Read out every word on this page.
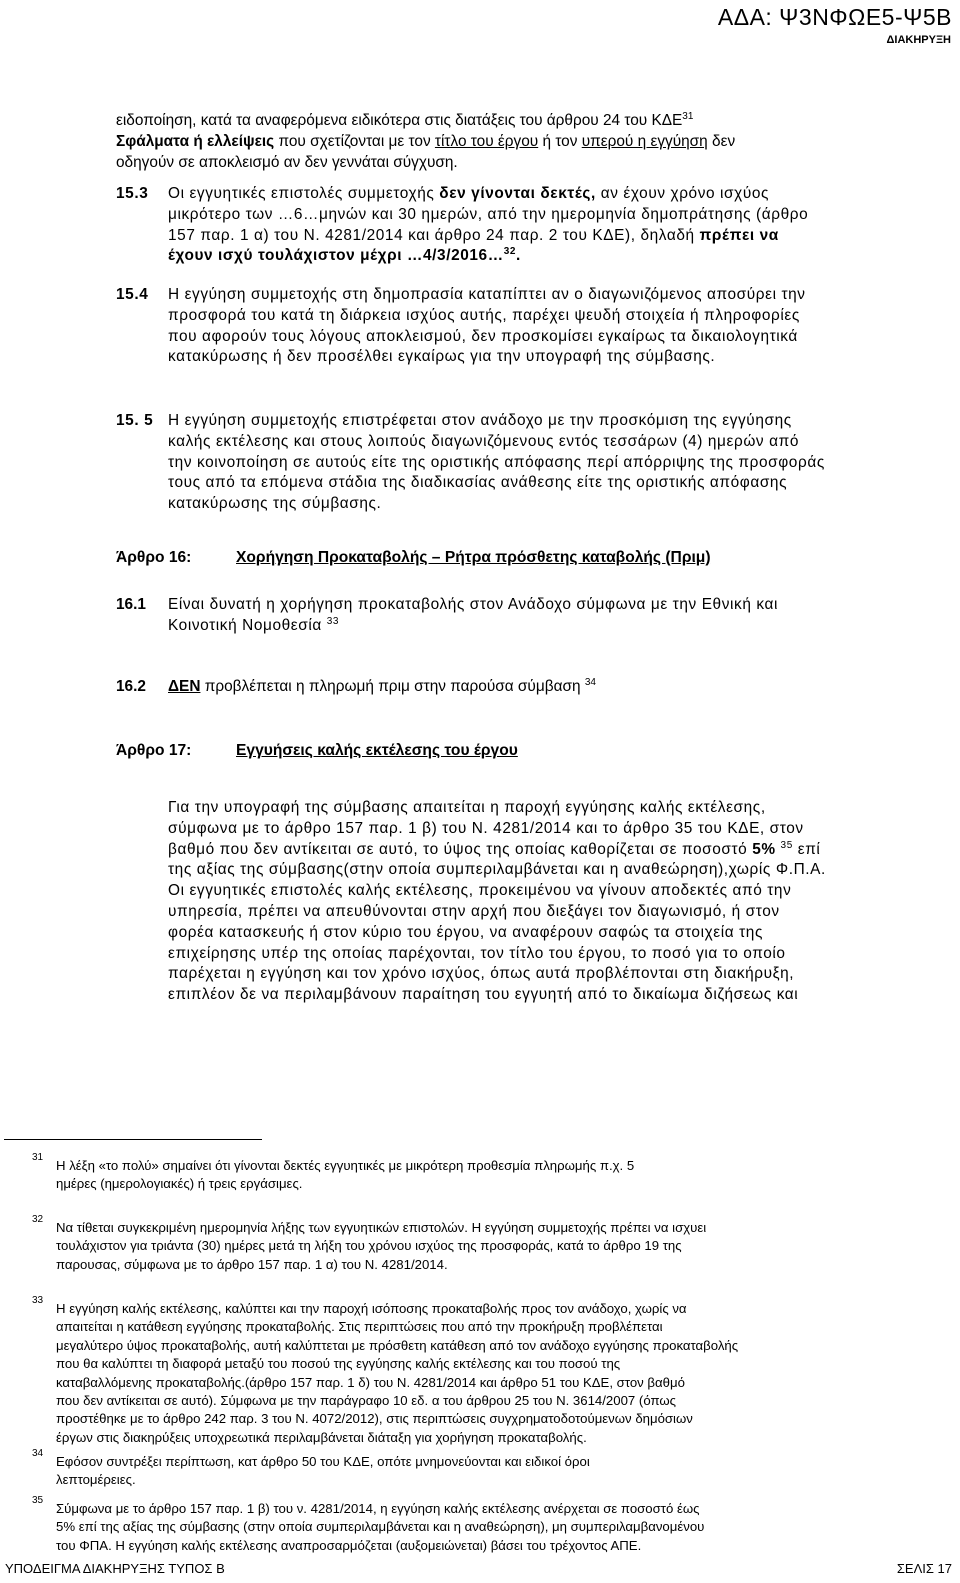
ΑΔΑ: Ψ3ΝΦΩΕ5-Ψ5Β
ΔΙΑΚΗΡΥΞΗ
ειδοποίηση, κατά τα αναφερόμενα ειδικότερα στις διατάξεις του άρθρου 24 του ΚΔΕ$^{31}$
Σφάλματα ή ελλείψεις που σχετίζονται με τον τίτλο του έργου ή τον υπερού η εγγύηση δεν
οδηγούν σε αποκλεισμό αν δεν γεννάται σύγχυση.
15.3 Οι εγγυητικές επιστολές συμμετοχής δεν γίνονται δεκτές, αν έχουν χρόνο ισχύος
μικρότερο των …6…μηνών και 30 ημερών, από την ημερομηνία δημοπράτησης (άρθρο
157 παρ. 1 α) του Ν. 4281/2014 και άρθρο 24 παρ. 2 του ΚΔΕ), δηλαδή πρέπει να
έχουν ισχύ τουλάχιστον μέχρι …4/3/2016…$^{32}$.
15.4 Η εγγύηση συμμετοχής στη δημοπρασία καταπίπτει αν ο διαγωνιζόμενος αποσύρει την
προσφορά του κατά τη διάρκεια ισχύος αυτής, παρέχει ψευδή στοιχεία ή πληροφορίες
που αφορούν τους λόγους αποκλεισμού, δεν προσκομίσει εγκαίρως τα δικαιολογητικά
κατακύρωσης ή δεν προσέλθει εγκαίρως για την υπογραφή της σύμβασης.
15. 5 Η εγγύηση συμμετοχής επιστρέφεται στον ανάδοχο με την προσκόμιση της εγγύησης
καλής εκτέλεσης και στους λοιπούς διαγωνιζόμενους εντός τεσσάρων (4) ημερών από
την κοινοποίηση σε αυτούς είτε της οριστικής απόφασης περί απόρριψης της προσφοράς
τους από τα επόμενα στάδια της διαδικασίας ανάθεσης είτε της οριστικής απόφασης
κατακύρωσης της σύμβασης.
Άρθρο 16:	Χορήγηση Προκαταβολής – Ρήτρα πρόσθετης καταβολής (Πριμ)
16.1 Είναι δυνατή η χορήγηση προκαταβολής στον Ανάδοχο σύμφωνα με την Εθνική και
Κοινοτική Νομοθεσία $^{33}$
16.2 ΔΕΝ προβλέπεται η πληρωμή πριμ στην παρούσα σύμβαση $^{34}$
Άρθρο 17:	Εγγυήσεις καλής εκτέλεσης του έργου
Για την υπογραφή της σύμβασης απαιτείται η παροχή εγγύησης καλής εκτέλεσης,
σύμφωνα με το άρθρο 157 παρ. 1 β) του Ν. 4281/2014 και το άρθρο 35 του ΚΔΕ, στον
βαθμό που δεν αντίκειται σε αυτό, το ύψος της οποίας καθορίζεται σε ποσοστό 5% $^{35}$ επί
της αξίας της σύμβασης(στην οποία συμπεριλαμβάνεται και η αναθεώρηση),χωρίς Φ.Π.Α.
Οι εγγυητικές επιστολές καλής εκτέλεσης, προκειμένου να γίνουν αποδεκτές από την
υπηρεσία, πρέπει να απευθύνονται στην αρχή που διεξάγει τον διαγωνισμό, ή στον
φορέα κατασκευής ή στον κύριο του έργου, να αναφέρουν σαφώς τα στοιχεία της
επιχείρησης υπέρ της οποίας παρέχονται, τον τίτλο του έργου, το ποσό για το οποίο
παρέχεται η εγγύηση και τον χρόνο ισχύος, όπως αυτά προβλέπονται στη διακήρυξη,
επιπλέον δε να περιλαμβάνουν παραίτηση του εγγυητή από το δικαίωμα διζήσεως και
31
Η λέξη «το πολύ» σημαίνει ότι γίνονται δεκτές εγγυητικές με μικρότερη προθεσμία πληρωμής π.χ. 5
ημέρες (ημερολογιακές) ή τρεις εργάσιμες.
32
Να τίθεται συγκεκριμένη ημερομηνία λήξης των εγγυητικών επιστολών. Η εγγύηση συμμετοχής πρέπει να ισχυει
τουλάχιστον για τριάντα (30) ημέρες μετά τη λήξη του χρόνου ισχύος της προσφοράς, κατά το άρθρο 19 της
παρουσας, σύμφωνα με το άρθρο 157 παρ. 1 α) του Ν. 4281/2014.
33
Η εγγύηση καλής εκτέλεσης, καλύπτει και την παροχή ισόποσης προκαταβολής προς τον ανάδοχο, χωρίς να
απαιτείται η κατάθεση εγγύησης προκαταβολής. Στις περιπτώσεις που από την προκήρυξη προβλέπεται
μεγαλύτερο ύψος προκαταβολής, αυτή καλύπτεται με πρόσθετη κατάθεση από τον ανάδοχο εγγύησης προκαταβολής
που θα καλύπτει τη διαφορά μεταξύ του ποσού της εγγύησης καλής εκτέλεσης και του ποσού της
καταβαλλόμενης προκαταβολής.(άρθρο 157 παρ. 1 δ) του Ν. 4281/2014 και άρθρο 51 του ΚΔΕ, στον βαθμό
που δεν αντίκειται σε αυτό). Σύμφωνα με την παράγραφο 10 εδ. α του άρθρου 25 του Ν. 3614/2007 (όπως
προστέθηκε με το άρθρο 242 παρ. 3 του Ν. 4072/2012), στις περιπτώσεις συγχρηματοδοτούμενων δημόσιων
έργων στις διακηρύξεις υποχρεωτικά περιλαμβάνεται διάταξη για χορήγηση προκαταβολής.
34
Εφόσον συντρέξει περίπτωση, κατ άρθρο 50 του ΚΔΕ, οπότε μνημονεύονται και ειδικοί όροι
λεπτομέρειες.
35
Σύμφωνα με το άρθρο 157 παρ. 1 β) του ν. 4281/2014, η εγγύηση καλής εκτέλεσης ανέρχεται σε ποσοστό έως
5% επί της αξίας της σύμβασης (στην οποία συμπεριλαμβάνεται και η αναθεώρηση), μη συμπεριλαμβανομένου
του ΦΠΑ. Η εγγύηση καλής εκτέλεσης αναπροσαρμόζεται (αυξομειώνεται) βάσει του τρέχοντος ΑΠΕ.
ΥΠΟΔΕΙΓΜΑ ΔΙΑΚΗΡΥΞΗΣ ΤΥΠΟΣ Β	ΣΕΛΙΣ 17
